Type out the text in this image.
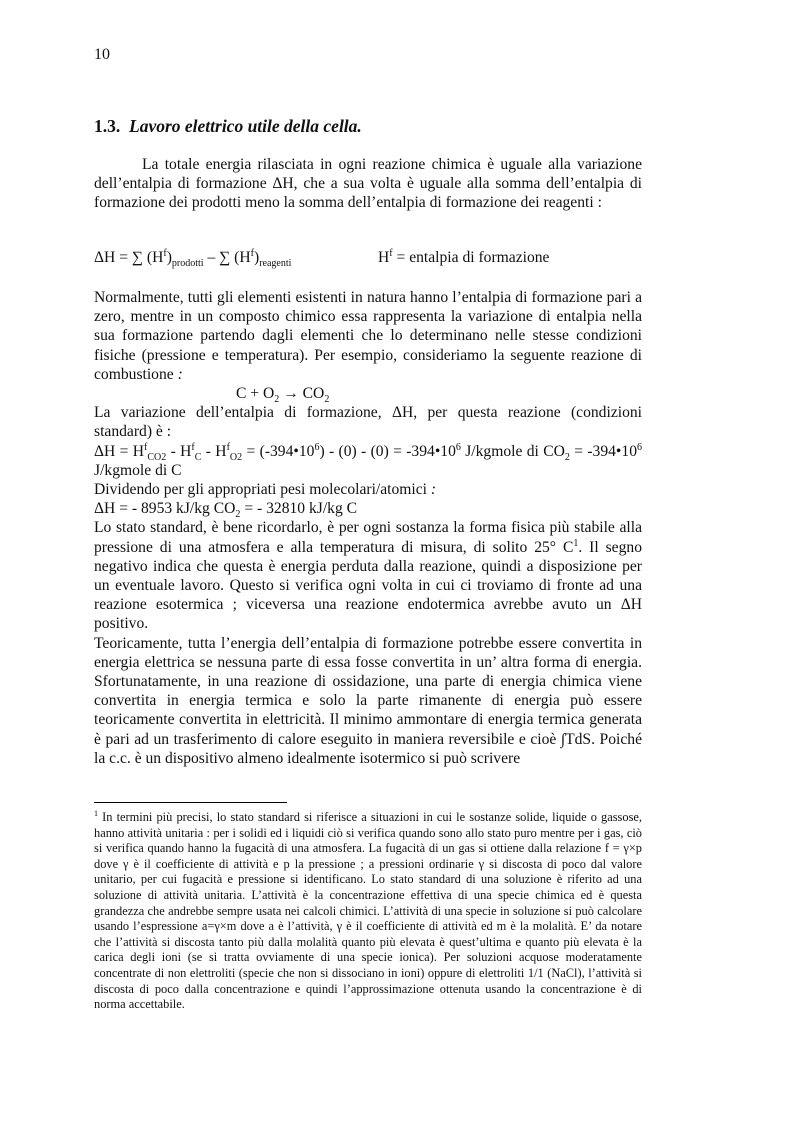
10
1.3. Lavoro elettrico utile della cella.
La totale energia rilasciata in ogni reazione chimica è uguale alla variazione dell’entalpia di formazione ΔH, che a sua volta è uguale alla somma dell’entalpia di formazione dei prodotti meno la somma dell’entalpia di formazione dei reagenti :
ΔH = ∑ $(H^f)_{prodotti}$ – ∑ $(H^f)_{reagenti}$	$H^f$ = entalpia di formazione
Normalmente, tutti gli elementi esistenti in natura hanno l’entalpia di formazione pari a zero, mentre in un composto chimico essa rappresenta la variazione di entalpia nella sua formazione partendo dagli elementi che lo determinano nelle stesse condizioni fisiche (pressione e temperatura). Per esempio, consideriamo la seguente reazione di combustione :
$C + O_2 \to CO_2$
La variazione dell’entalpia di formazione, ΔH, per questa reazione (condizioni standard) è :
$\Delta H = H^f_{CO2} - H^f_C - H^f_{O2}$ = $(-394•10^6) - (0) - (0)$ = $-394•10^6$ J/kgmole di $CO_2$ = $-394•10^6$ J/kgmole di C
Dividendo per gli appropriati pesi molecolari/atomici :
ΔH = - 8953 kJ/kg $CO_2$ = - 32810 kJ/kg C
Lo stato standard, è bene ricordarlo, è per ogni sostanza la forma fisica più stabile alla pressione di una atmosfera e alla temperatura di misura, di solito 25° $C^1$. Il segno negativo indica che questa è energia perduta dalla reazione, quindi a disposizione per un eventuale lavoro. Questo si verifica ogni volta in cui ci troviamo di fronte ad una reazione esotermica ; viceversa una reazione endotermica avrebbe avuto un ΔH positivo.
Teoricamente, tutta l’energia dell’entalpia di formazione potrebbe essere convertita in energia elettrica se nessuna parte di essa fosse convertita in un’ altra forma di energia. Sfortunatamente, in una reazione di ossidazione, una parte di energia chimica viene convertita in energia termica e solo la parte rimanente di energia può essere teoricamente convertita in elettricità. Il minimo ammontare di energia termica generata è pari ad un trasferimento di calore eseguito in maniera reversibile e cioè ∫TdS. Poiché la c.c. è un dispositivo almeno idealmente isotermico si può scrivere
$^1$ In termini più precisi, lo stato standard si riferisce a situazioni in cui le sostanze solide, liquide o gassose, hanno attività unitaria : per i solidi ed i liquidi ciò si verifica quando sono allo stato puro mentre per i gas, ciò si verifica quando hanno la fugacità di una atmosfera. La fugacità di un gas si ottiene dalla relazione f = γ×p dove γ è il coefficiente di attività e p la pressione ; a pressioni ordinarie γ si discosta di poco dal valore unitario, per cui fugacità e pressione si identificano. Lo stato standard di una soluzione è riferito ad una soluzione di attività unitaria. L’attività è la concentrazione effettiva di una specie chimica ed è questa grandezza che andrebbe sempre usata nei calcoli chimici. L’attività di una specie in soluzione si può calcolare usando l’espressione a=γ×m dove a è l’attività, γ è il coefficiente di attività ed m è la molalità. E’ da notare che l’attività si discosta tanto più dalla molalità quanto più elevata è quest’ultima e quanto più elevata è la carica degli ioni (se si tratta ovviamente di una specie ionica). Per soluzioni acquose moderatamente concentrate di non elettroliti (specie che non si dissociano in ioni) oppure di elettroliti 1/1 (NaCl), l’attività si discosta di poco dalla concentrazione e quindi l’approssimazione ottenuta usando la concentrazione è di norma accettabile.
